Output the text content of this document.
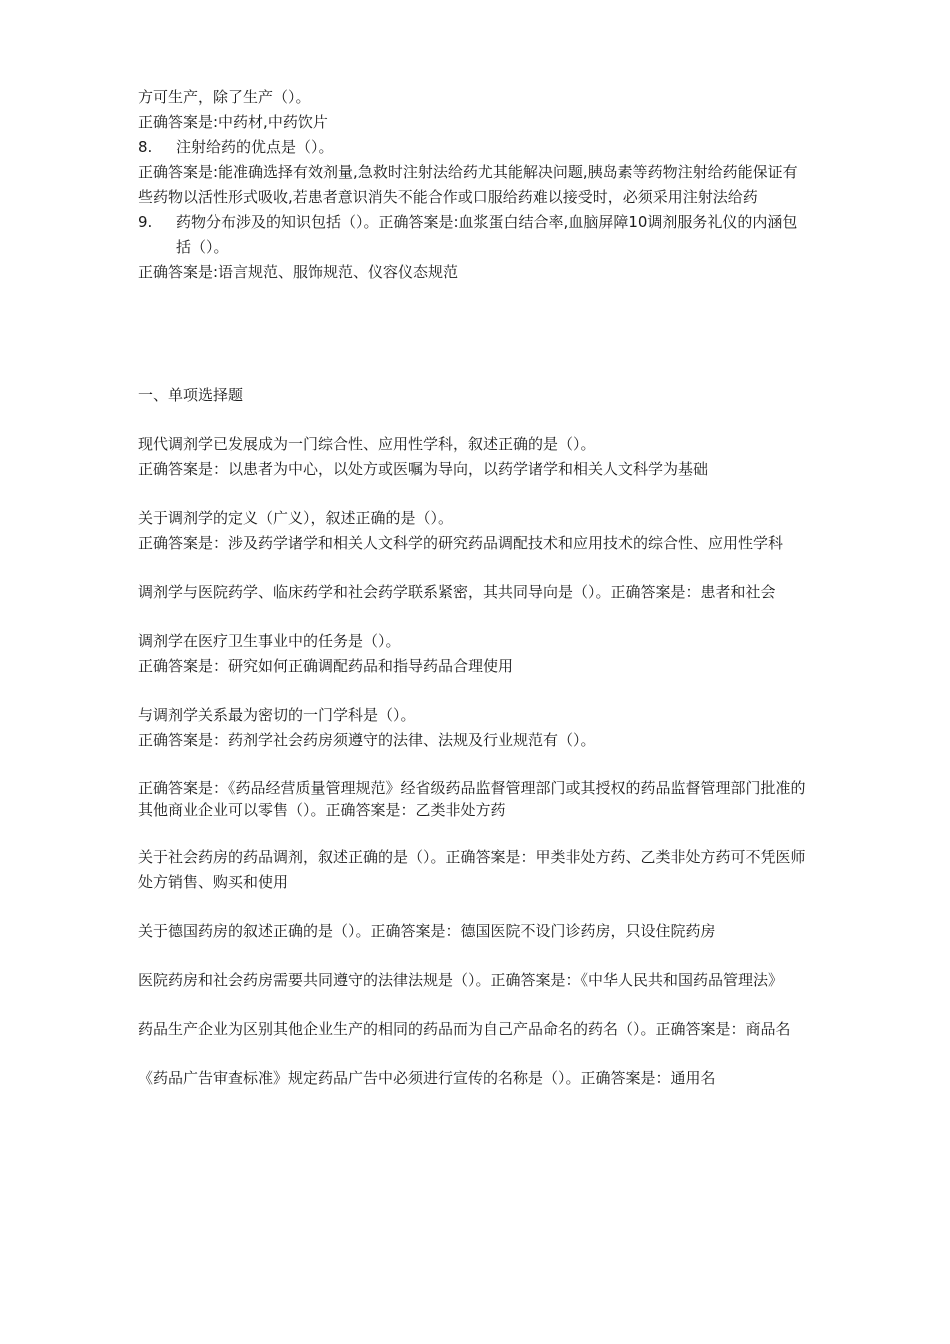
方可生产，除了生产（）。

正确答案是:中药材,中药饮片

8.	注射给药的优点是（）。

正确答案是:能准确选择有效剂量,急救时注射法给药尤其能解决问题,胰岛素等药物注射给药能保证有些药物以活性形式吸收,若患者意识消失不能合作或口服给药难以接受时，必须采用注射法给药

9.	药物分布涉及的知识包括（）。正确答案是:血浆蛋白结合率,血脑屏障10调剂服务礼仪的内涵包括（）。

正确答案是:语言规范、服饰规范、仪容仪态规范

一、单项选择题

现代调剂学已发展成为一门综合性、应用性学科，叙述正确的是（）。

正确答案是：以患者为中心，以处方或医嘱为导向，以药学诸学和相关人文科学为基础

关于调剂学的定义（广义），叙述正确的是（）。

正确答案是：涉及药学诸学和相关人文科学的研究药品调配技术和应用技术的综合性、应用性学科

调剂学与医院药学、临床药学和社会药学联系紧密，其共同导向是（）。正确答案是：患者和社会

调剂学在医疗卫生事业中的任务是（）。

正确答案是：研究如何正确调配药品和指导药品合理使用

与调剂学关系最为密切的一门学科是（）。

正确答案是：药剂学社会药房须遵守的法律、法规及行业规范有（）。

正确答案是：《药品经营质量管理规范》经省级药品监督管理部门或其授权的药品监督管理部门批准的其他商业企业可以零售（）。正确答案是：乙类非处方药

关于社会药房的药品调剂，叙述正确的是（）。正确答案是：甲类非处方药、乙类非处方药可不凭医师处方销售、购买和使用

关于德国药房的叙述正确的是（）。正确答案是：德国医院不设门诊药房，只设住院药房

医院药房和社会药房需要共同遵守的法律法规是（）。正确答案是：《中华人民共和国药品管理法》

药品生产企业为区别其他企业生产的相同的药品而为自己产品命名的药名（）。正确答案是：商品名

《药品广告审查标准》规定药品广告中必须进行宣传的名称是（）。正确答案是：通用名
